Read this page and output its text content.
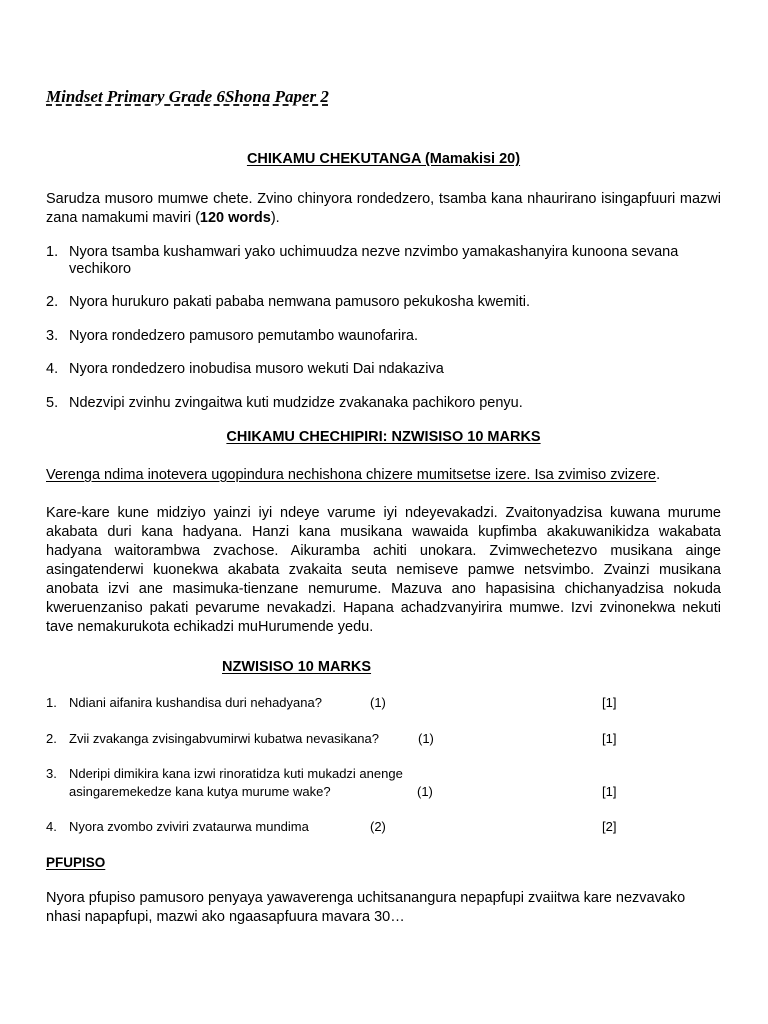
Mindset Primary Grade 6Shona Paper 2
CHIKAMU CHEKUTANGA (Mamakisi 20)
Sarudza musoro mumwe chete. Zvino chinyora rondedzero, tsamba kana nhaurirano isingapfuuri mazwi zana namakumi maviri (120 words).
1. Nyora tsamba kushamwari yako uchimuudza nezve nzvimbo yamakashanyira kunoona sevana vechikoro
2. Nyora hurukuro pakati pababa nemwana pamusoro pekukosha kwemiti.
3. Nyora rondedzero pamusoro pemutambo waunofarira.
4. Nyora rondedzero inobudisa musoro wekuti Dai ndakaziva
5. Ndezvipi zvinhu zvingaitwa kuti mudzidze zvakanaka pachikoro penyu.
CHIKAMU CHECHIPIRI: NZWISISO 10 MARKS
Verenga ndima inotevera ugopindura nechishona chizere mumitsetse izere. Isa zvimiso zvizere.
Kare-kare kune midziyo yainzi iyi ndeye varume iyi ndeyevakadzi. Zvaitonyadzisa kuwana murume akabata duri kana hadyana. Hanzi kana musikana wawaida kupfimba akakuwanikidza wakabata hadyana waitorambwa zvachose. Aikuramba achiti unokara. Zvimwechetezvo musikana ainge asingatenderwi kuonekwa akabata zvakaita seuta nemiseve pamwe netsvimbo. Zvainzi musikana anobata izvi ane masimuka-tienzane nemurume. Mazuva ano hapasisina chichanyadzisa nokuda kweruenzaniso pakati pevarume nevakadzi. Hapana achadzvanyirira mumwe. Izvi zvinonekwa nekuti tave nemakurukota echikadzi muHurumende yedu.
NZWISISO 10 MARKS
1. Ndiani aifanira kushandisa duri nehadyana?	(1)	[1]
2. Zvii zvakanga zvisingabvumirwi kubatwa nevasikana?	(1)	[1]
3. Nderipi dimikira kana izwi rinoratidza kuti mukadzi anenge
asingaremekedze kana kutya murume wake?	(1)	[1]
4. Nyora zvombo zviviri zvataurwa mundima	(2)	[2]
PFUPISO
Nyora pfupiso pamusoro penyaya yawaverenga uchitsanangura nepapfupi zvaiitwa kare nezvavako nhasi napapfupi, mazwi ako ngaasapfuura mavara 30…
